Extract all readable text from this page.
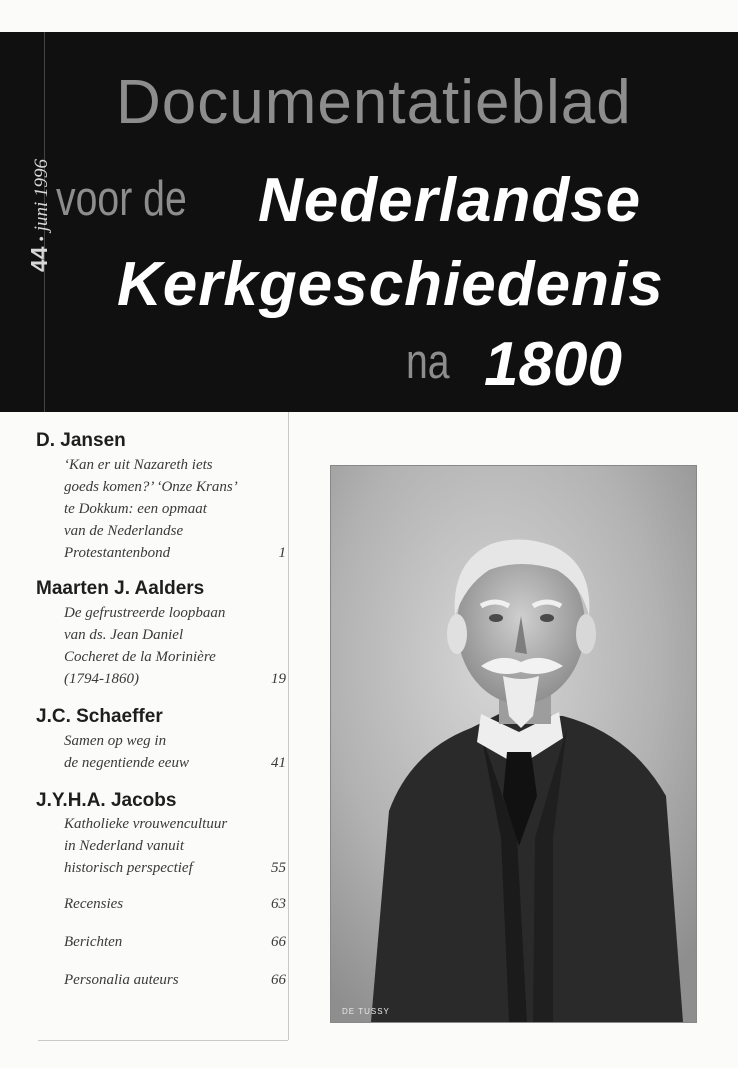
44 • juni 1996
Documentatieblad
voor de Nederlandse
Kerkgeschiedenis
na 1800
D. Jansen
‘Kan er uit Nazareth iets
goeds komen?’ ‘Onze Krans’
te Dokkum: een opmaat
van de Nederlandse
Protestantenbond	1
Maarten J. Aalders
De gefrustreerde loopbaan
van ds. Jean Daniel
Cocheret de la Morinière
(1794-1860)	19
J.C. Schaeffer
Samen op weg in
de negentiende eeuw	41
J.Y.H.A. Jacobs
Katholieke vrouwencultuur
in Nederland vanuit
historisch perspectief	55
Recensies	63
Berichten	66
Personalia auteurs	66
DE TUSSY
